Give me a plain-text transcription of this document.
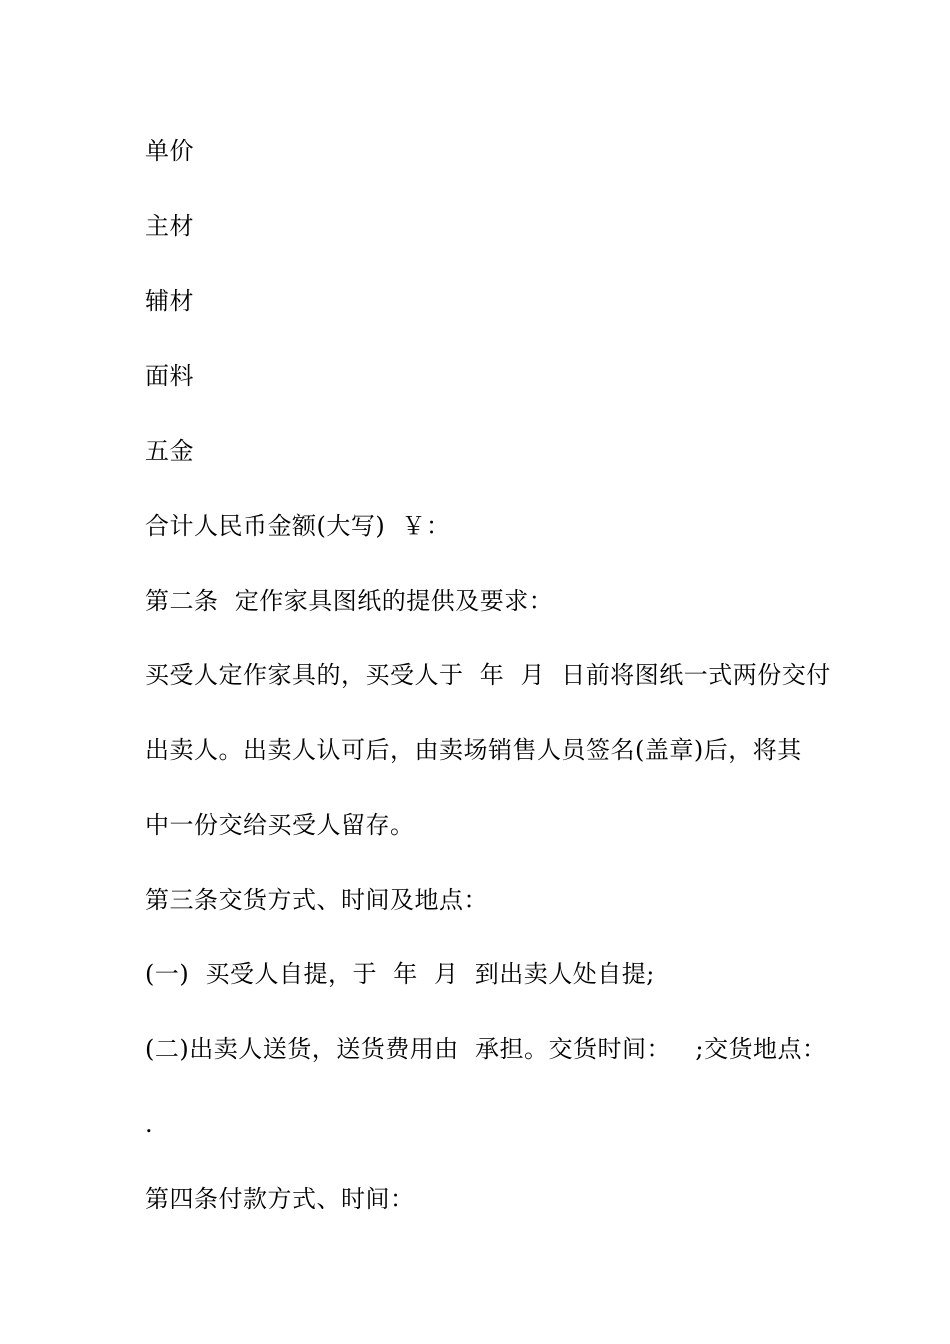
单价
主材
辅材
面料
五金
合计人民币金额(大写)  ￥：
第二条  定作家具图纸的提供及要求：
买受人定作家具的，买受人于  年  月  日前将图纸一式两份交付
出卖人。出卖人认可后，由卖场销售人员签名(盖章)后，将其
中一份交给买受人留存。
第三条交货方式、时间及地点：
(一)  买受人自提，于  年  月  到出卖人处自提;
(二)出卖人送货，送货费用由  承担。交货时间：   ;交货地点：
.
第四条付款方式、时间：
